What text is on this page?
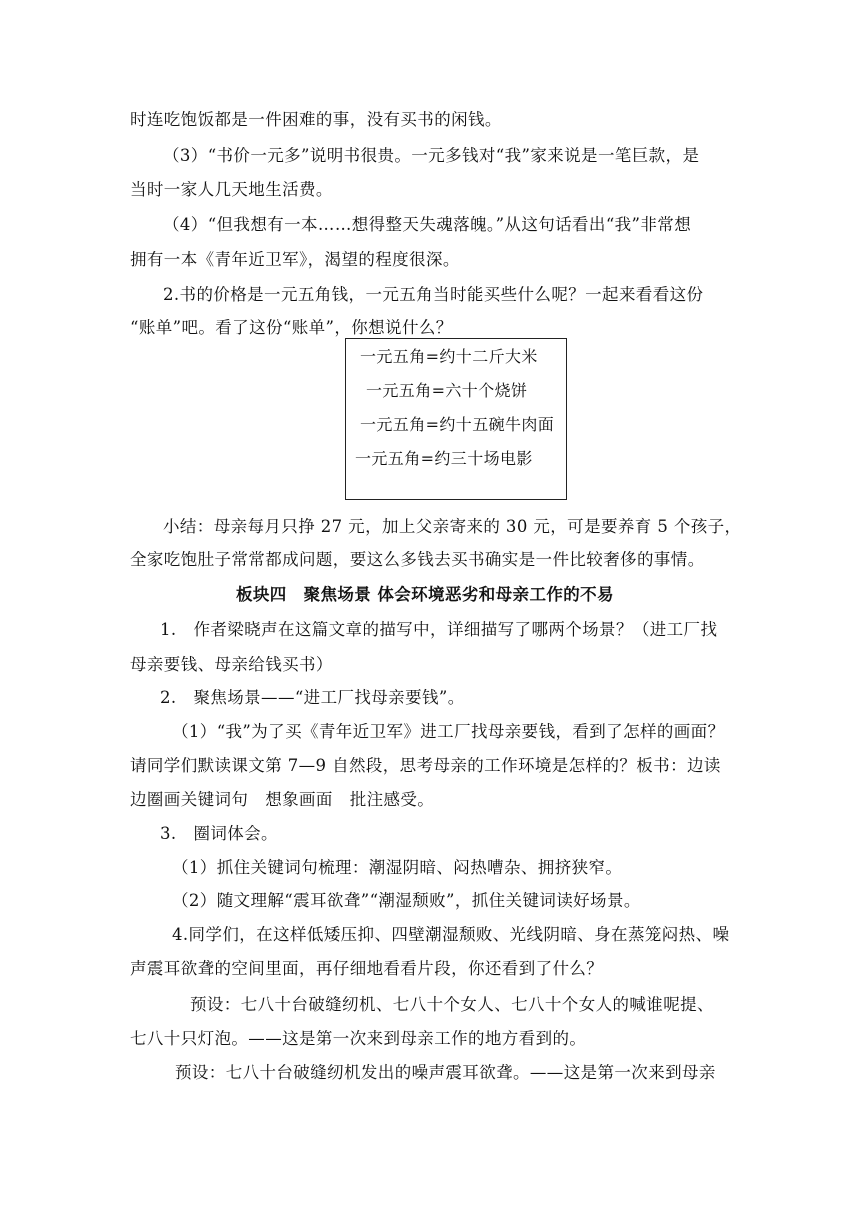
时连吃饱饭都是一件困难的事，没有买书的闲钱。
（3）“书价一元多”说明书很贵。一元多钱对“我”家来说是一笔巨款，是
当时一家人几天地生活费。
（4）“但我想有一本……想得整天失魂落魄。”从这句话看出“我”非常想
拥有一本《青年近卫军》，渴望的程度很深。
2.书的价格是一元五角钱，一元五角当时能买些什么呢？一起来看看这份
“账单”吧。看了这份“账单”，你想说什么？
一元五角=约十二斤大米
一元五角=六十个烧饼
一元五角=约十五碗牛肉面
一元五角=约三十场电影
小结：母亲每月只挣 27 元，加上父亲寄来的 30 元，可是要养育 5 个孩子，
全家吃饱肚子常常都成问题，要这么多钱去买书确实是一件比较奢侈的事情。
板块四　聚焦场景 体会环境恶劣和母亲工作的不易
1.　作者梁晓声在这篇文章的描写中，详细描写了哪两个场景？（进工厂找
母亲要钱、母亲给钱买书）
2.　聚焦场景——“进工厂找母亲要钱”。
（1）“我”为了买《青年近卫军》进工厂找母亲要钱，看到了怎样的画面？
请同学们默读课文第 7—9 自然段，思考母亲的工作环境是怎样的？板书：边读
边圈画关键词句　想象画面　批注感受。
3.　圈词体会。
（1）抓住关键词句梳理：潮湿阴暗、闷热嘈杂、拥挤狭窄。
（2）随文理解“震耳欲聋”“潮湿颓败”，抓住关键词读好场景。
4.同学们，在这样低矮压抑、四壁潮湿颓败、光线阴暗、身在蒸笼闷热、噪
声震耳欲聋的空间里面，再仔细地看看片段，你还看到了什么？
预设：七八十台破缝纫机、七八十个女人、七八十个女人的喊谁呢提、
七八十只灯泡。——这是第一次来到母亲工作的地方看到的。
预设：七八十台破缝纫机发出的噪声震耳欲聋。——这是第一次来到母亲
